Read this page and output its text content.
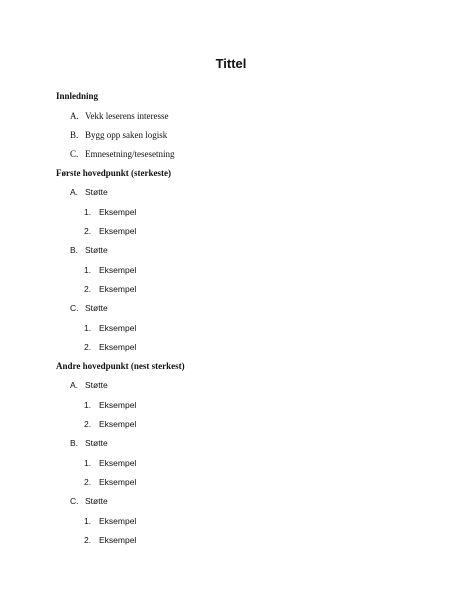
Tittel

Innledning

A. Vekk leserens interesse

B. Bygg opp saken logisk

C. Emnesetning/tesesetning

Første hovedpunkt (sterkeste)

A. Støtte

1. Eksempel

2. Eksempel

B. Støtte

1. Eksempel

2. Eksempel

C. Støtte

1. Eksempel

2. Eksempel

Andre hovedpunkt (nest sterkest)

A. Støtte

1. Eksempel

2. Eksempel

B. Støtte

1. Eksempel

2. Eksempel

C. Støtte

1. Eksempel

2. Eksempel
